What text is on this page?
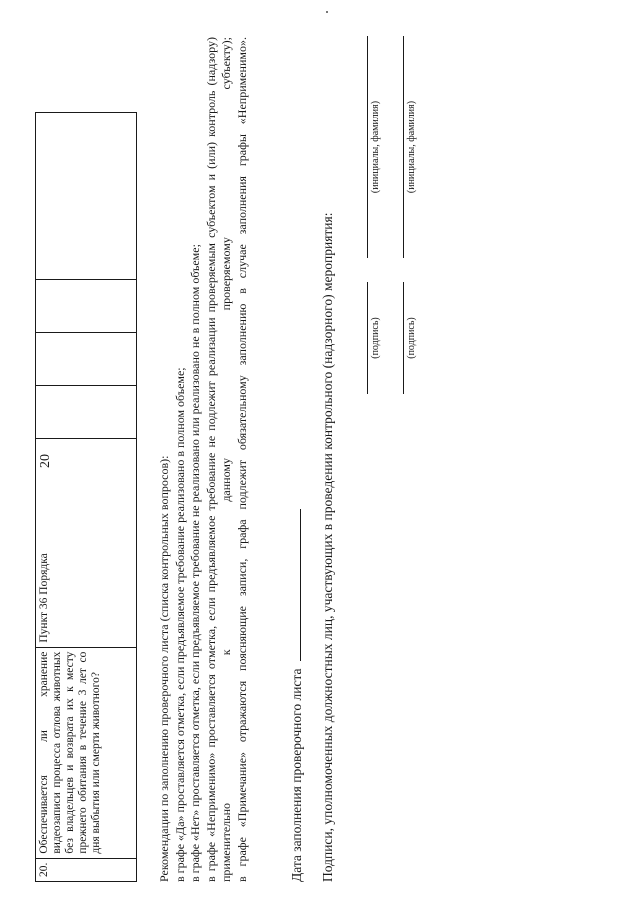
20
20.	Обеспечивается ли хранение видеозаписи процесса отлова животных без владельцев и возврата их к месту прежнего обитания в течение 3 лет со дня выбытия или смерти животного?	Пункт 36 Порядка					Рекомендации по заполнению проверочного листа (списка контрольных вопросов): в графе «Да» проставляется отметка, если предъявляемое требование реализовано в полном объеме; в графе «Нет» проставляется отметка, если предъявляемое требование не реализовано или реализовано не в полном объеме; в графе «Неприменимо» проставляется отметка, если предъявляемое требование не подлежит реализации проверяемым субъектом и (или) контроль (надзору) применительно к данному проверяемому субъекту); в графе «Примечание» отражаются поясняющие записи, графа подлежит обязательному заполнению в случае заполнения графы «Неприменимо».	Дата заполнения проверочного листа Подписи, уполномоченных должностных лиц, участвующих в проведении контрольного (надзорного) мероприятия:	(подпись)
(инициалы, фамилия)
(подпись)
(инициалы, фамилия)
